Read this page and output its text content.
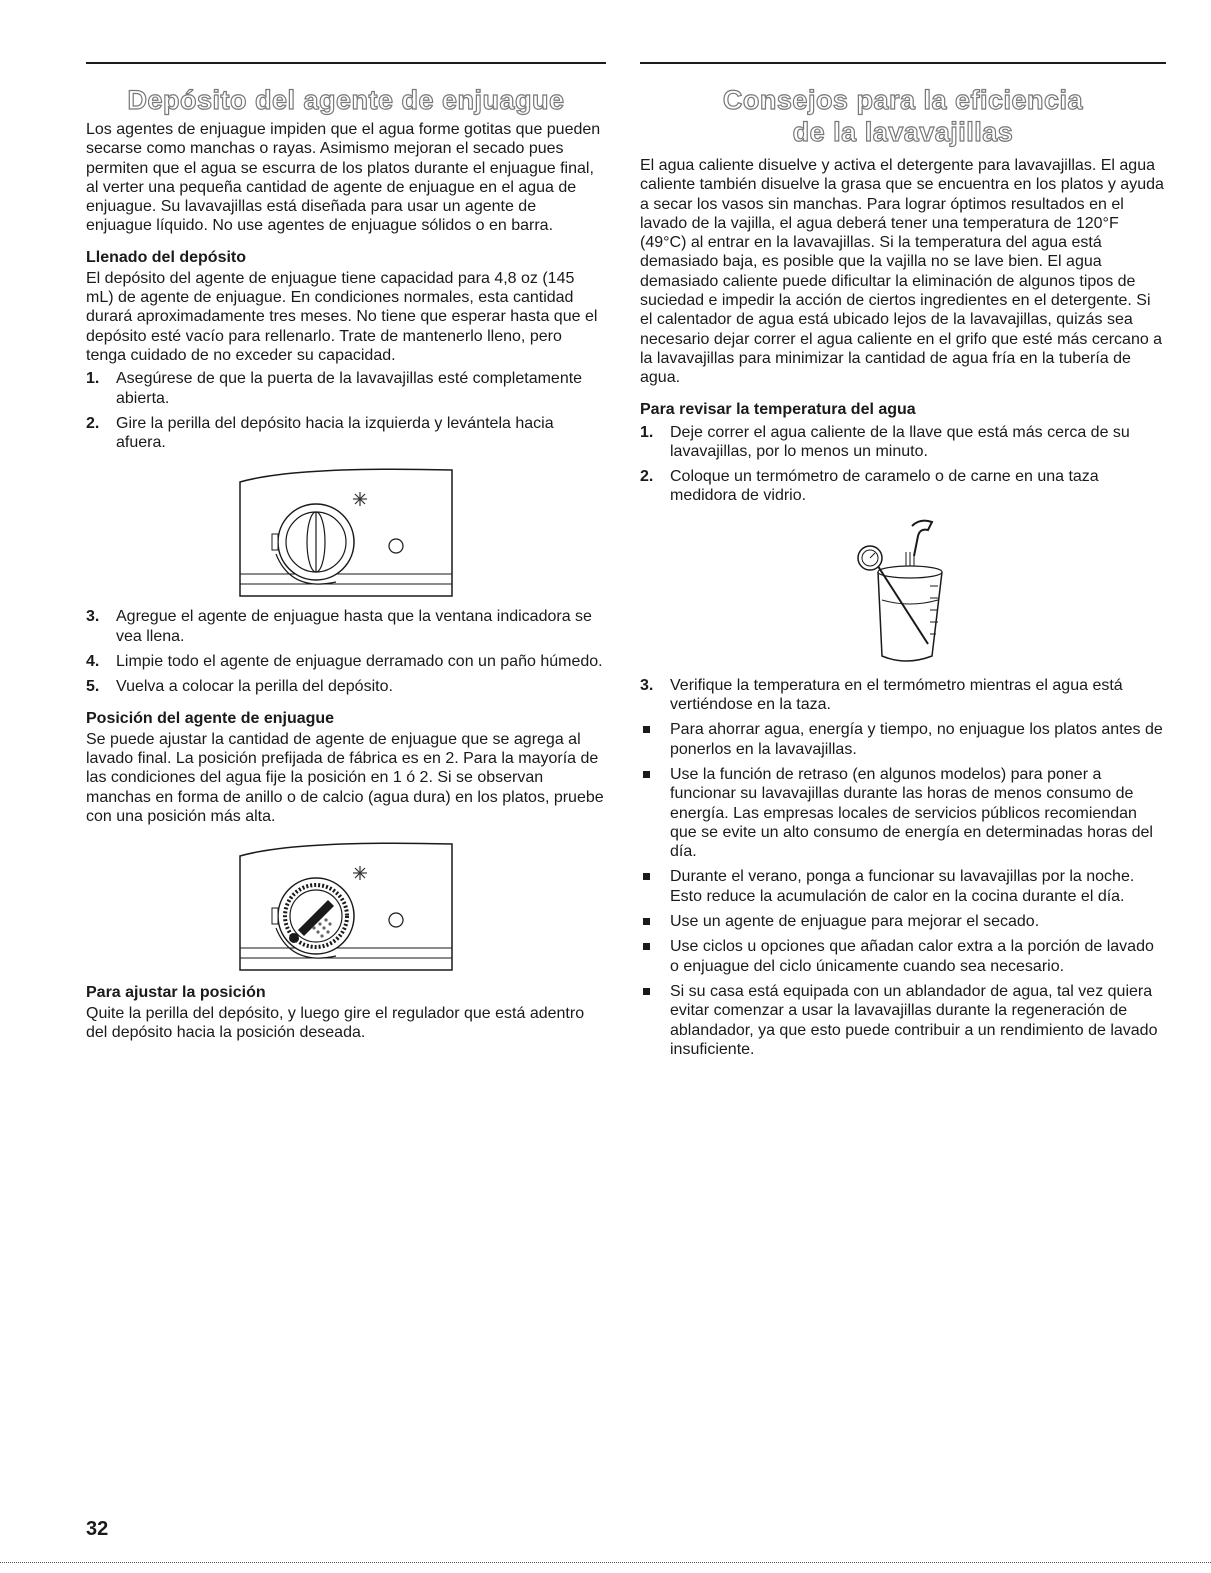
Depósito del agente de enjuague

Los agentes de enjuague impiden que el agua forme gotitas que pueden secarse como manchas o rayas. Asimismo mejoran el secado pues permiten que el agua se escurra de los platos durante el enjuague final, al verter una pequeña cantidad de agente de enjuague en el agua de enjuague. Su lavavajillas está diseñada para usar un agente de enjuague líquido. No use agentes de enjuague sólidos o en barra.

Llenado del depósito

El depósito del agente de enjuague tiene capacidad para 4,8 oz (145 mL) de agente de enjuague. En condiciones normales, esta cantidad durará aproximadamente tres meses. No tiene que esperar hasta que el depósito esté vacío para rellenarlo. Trate de mantenerlo lleno, pero tenga cuidado de no exceder su capacidad.

1. Asegúrese de que la puerta de la lavavajillas esté completamente abierta.
2. Gire la perilla del depósito hacia la izquierda y levántela hacia afuera.
3. Agregue el agente de enjuague hasta que la ventana indicadora se vea llena.
4. Limpie todo el agente de enjuague derramado con un paño húmedo.
5. Vuelva a colocar la perilla del depósito.
Posición del agente de enjuague

Se puede ajustar la cantidad de agente de enjuague que se agrega al lavado final. La posición prefijada de fábrica es en 2. Para la mayoría de las condiciones del agua fije la posición en 1 ó 2. Si se observan manchas en forma de anillo o de calcio (agua dura) en los platos, pruebe con una posición más alta.

Para ajustar la posición

Quite la perilla del depósito, y luego gire el regulador que está adentro del depósito hacia la posición deseada.

Consejos para la eficiencia
de la lavavajillas

El agua caliente disuelve y activa el detergente para lavavajillas. El agua caliente también disuelve la grasa que se encuentra en los platos y ayuda a secar los vasos sin manchas. Para lograr óptimos resultados en el lavado de la vajilla, el agua deberá tener una temperatura de 120°F (49°C) al entrar en la lavavajillas. Si la temperatura del agua está demasiado baja, es posible que la vajilla no se lave bien. El agua demasiado caliente puede dificultar la eliminación de algunos tipos de suciedad e impedir la acción de ciertos ingredientes en el detergente. Si el calentador de agua está ubicado lejos de la lavavajillas, quizás sea necesario dejar correr el agua caliente en el grifo que esté más cercano a la lavavajillas para minimizar la cantidad de agua fría en la tubería de agua.

Para revisar la temperatura del agua
1. Deje correr el agua caliente de la llave que está más cerca de su lavavajillas, por lo menos un minuto.
2. Coloque un termómetro de caramelo o de carne en una taza medidora de vidrio.
3. Verifique la temperatura en el termómetro mientras el agua está vertiéndose en la taza.
Para ahorrar agua, energía y tiempo, no enjuague los platos antes de ponerlos en la lavavajillas.
Use la función de retraso (en algunos modelos) para poner a funcionar su lavavajillas durante las horas de menos consumo de energía. Las empresas locales de servicios públicos recomiendan que se evite un alto consumo de energía en determinadas horas del día.
Durante el verano, ponga a funcionar su lavavajillas por la noche. Esto reduce la acumulación de calor en la cocina durante el día.
Use un agente de enjuague para mejorar el secado.
Use ciclos u opciones que añadan calor extra a la porción de lavado o enjuague del ciclo únicamente cuando sea necesario.
Si su casa está equipada con un ablandador de agua, tal vez quiera evitar comenzar a usar la lavavajillas durante la regeneración de ablandador, ya que esto puede contribuir a un rendimiento de lavado insuficiente.
32
